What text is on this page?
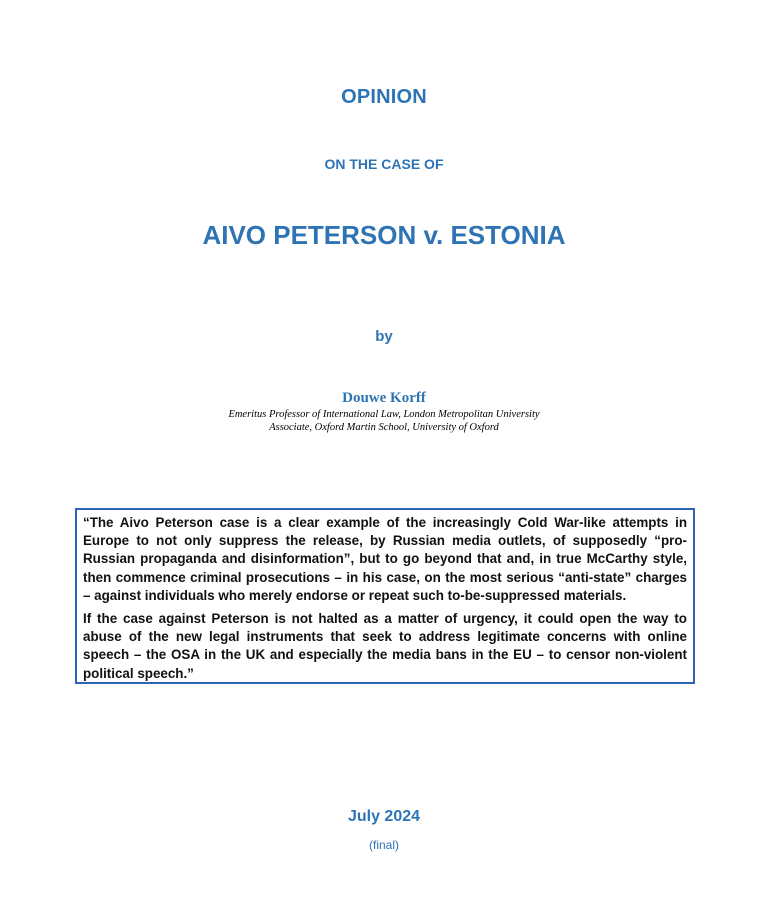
OPINION
ON THE CASE OF
AIVO PETERSON v. ESTONIA
by
Douwe Korff
Emeritus Professor of International Law, London Metropolitan University
Associate, Oxford Martin School, University of Oxford

“The Aivo Peterson case is a clear example of the increasingly Cold War-like attempts in Europe to not only suppress the release, by Russian media outlets, of supposedly “pro-Russian propaganda and disinformation”, but to go beyond that and, in true McCarthy style, then commence criminal prosecutions – in his case, on the most serious “anti-state” charges – against individuals who merely endorse or repeat such to-be-suppressed materials.

If the case against Peterson is not halted as a matter of urgency, it could open the way to abuse of the new legal instruments that seek to address legitimate concerns with online speech – the OSA in the UK and especially the media bans in the EU – to censor non-violent political speech.”

July 2024
(final)
